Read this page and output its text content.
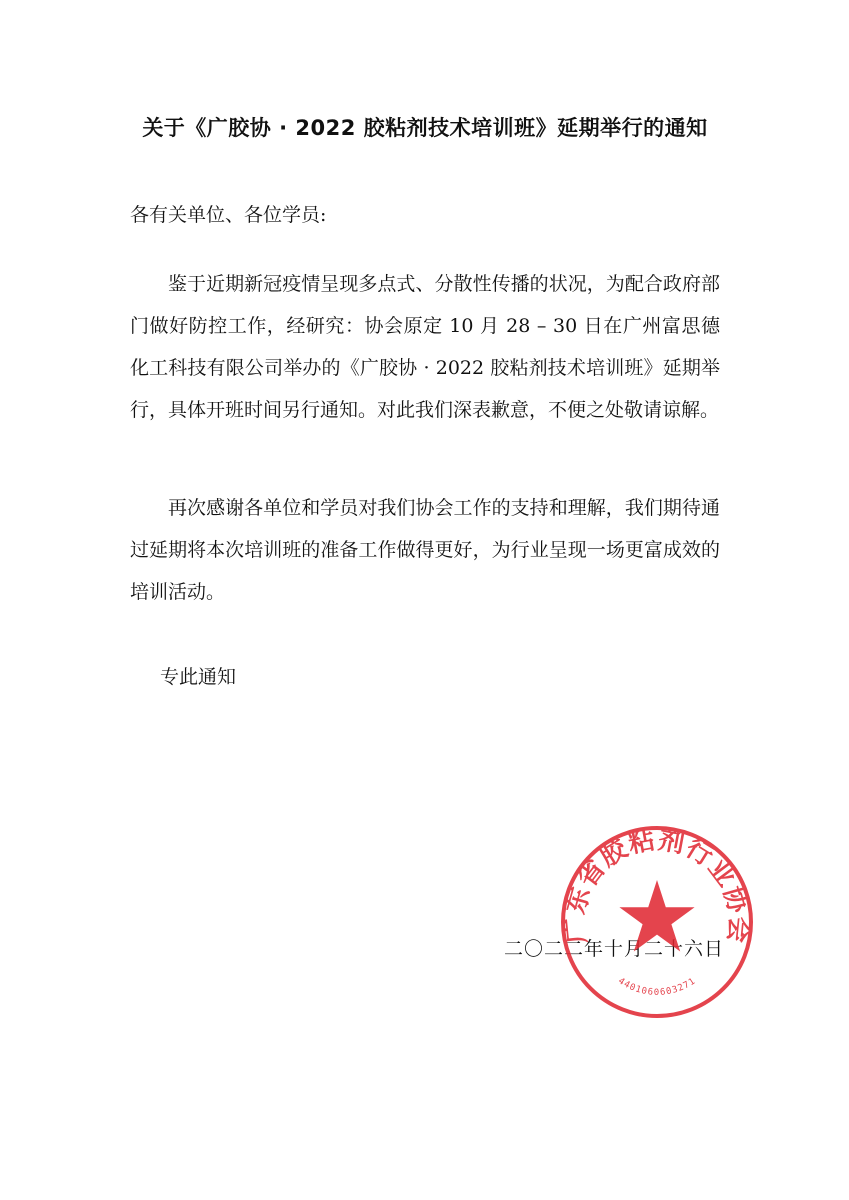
关于《广胶协 · 2022 胶粘剂技术培训班》延期举行的通知

各有关单位、各位学员:

鉴于近期新冠疫情呈现多点式、分散性传播的状况，为配合政府部门做好防控工作，经研究：协会原定 10 月 28 – 30 日在广州富思德化工科技有限公司举办的《广胶协 · 2022 胶粘剂技术培训班》延期举行，具体开班时间另行通知。对此我们深表歉意，不便之处敬请谅解。

再次感谢各单位和学员对我们协会工作的支持和理解，我们期待通过延期将本次培训班的准备工作做得更好，为行业呈现一场更富成效的培训活动。

专此通知

二〇二二年十月二十六日

广东省胶粘剂行业协会
4401060603271
